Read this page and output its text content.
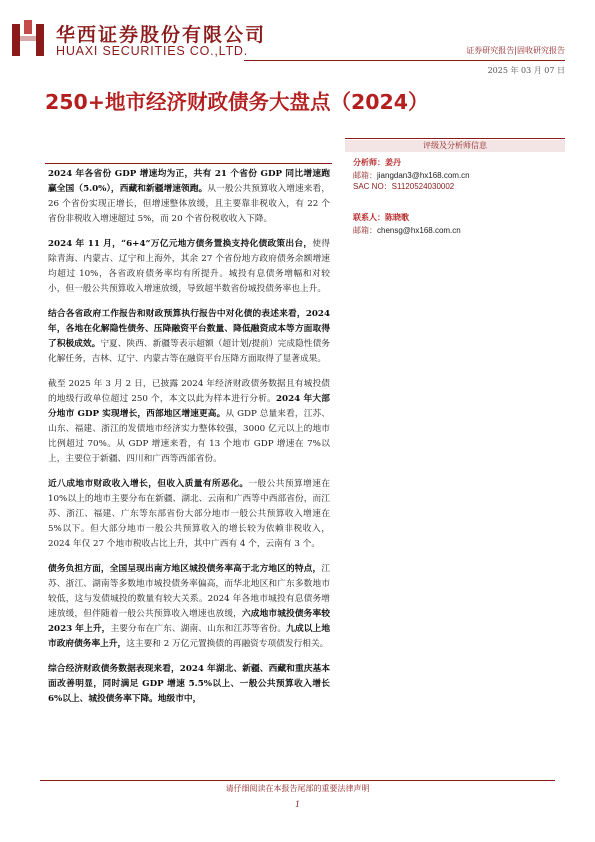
华西证券股份有限公司
HUAXI SECURITIES CO.,LTD.	证券研究报告|固收研究报告
2025 年 03 月 07 日
250+地市经济财政债务大盘点（2024）
评级及分析师信息
分析师：姜丹
邮箱：jiangdan3@hx168.com.cn
SAC NO：S1120524030002
联系人：陈晓歌
邮箱：chensg@hx168.com.cn

2024 年各省份 GDP 增速均为正，共有 21 个省份 GDP 同比增速跑赢全国（5.0%），西藏和新疆增速领跑。从一般公共预算收入增速来看，26 个省份实现正增长，但增速整体放缓，且主要靠非税收入，有 22 个省份非税收入增速超过 5%，而 20 个省份税收收入下降。

2024 年 11 月，“6+4”万亿元地方债务置换支持化债政策出台，使得除青海、内蒙古、辽宁和上海外，其余 27 个省份地方政府债务余额增速均超过 10%，各省政府债务率均有所提升。城投有息债务增幅和对较小，但一般公共预算收入增速放缓，导致超半数省份城投债务率也上升。

结合各省政府工作报告和财政预算执行报告中对化债的表述来看，2024 年，各地在化解隐性债务、压降融资平台数量、降低融资成本等方面取得了积极成效。宁夏、陕西、新疆等表示超额（超计划/提前）完成隐性债务化解任务，吉林、辽宁、内蒙古等在融资平台压降方面取得了显著成果。

截至 2025 年 3 月 2 日，已披露 2024 年经济财政债务数据且有城投债的地级行政单位超过 250 个，本文以此为样本进行分析。2024 年大部分地市 GDP 实现增长，西部地区增速更高。从 GDP 总量来看，江苏、山东、福建、浙江的发债地市经济实力整体较强，3000 亿元以上的地市比例超过 70%。从 GDP 增速来看，有 13 个地市 GDP 增速在 7%以上，主要位于新疆、四川和广西等西部省份。

近八成地市财政收入增长，但收入质量有所恶化。一般公共预算增速在 10%以上的地市主要分布在新疆、湖北、云南和广西等中西部省份，而江苏、浙江、福建、广东等东部省份大部分地市一般公共预算收入增速在 5%以下。但大部分地市一般公共预算收入的增长较为依赖非税收入，2024 年仅 27 个地市税收占比上升，其中广西有 4 个，云南有 3 个。

债务负担方面，全国呈现出南方地区城投债务率高于北方地区的特点，江苏、浙江、湖南等多数地市城投债务率偏高，而华北地区和广东多数地市较低，这与发债城投的数量有较大关系。2024 年各地市城投有息债务增速放缓，但伴随着一般公共预算收入增速也放缓，六成地市城投债务率较 2023 年上升，主要分布在广东、湖南、山东和江苏等省份。九成以上地市政府债务率上升，这主要和 2 万亿元置换债的再融资专项债发行相关。

综合经济财政债务数据表现来看，2024 年湖北、新疆、西藏和重庆基本面改善明显，同时满足 GDP 增速 5.5%以上、一般公共预算收入增长 6%以上、城投债务率下降。地级市中，

请仔细阅读在本报告尾部的重要法律声明
1
